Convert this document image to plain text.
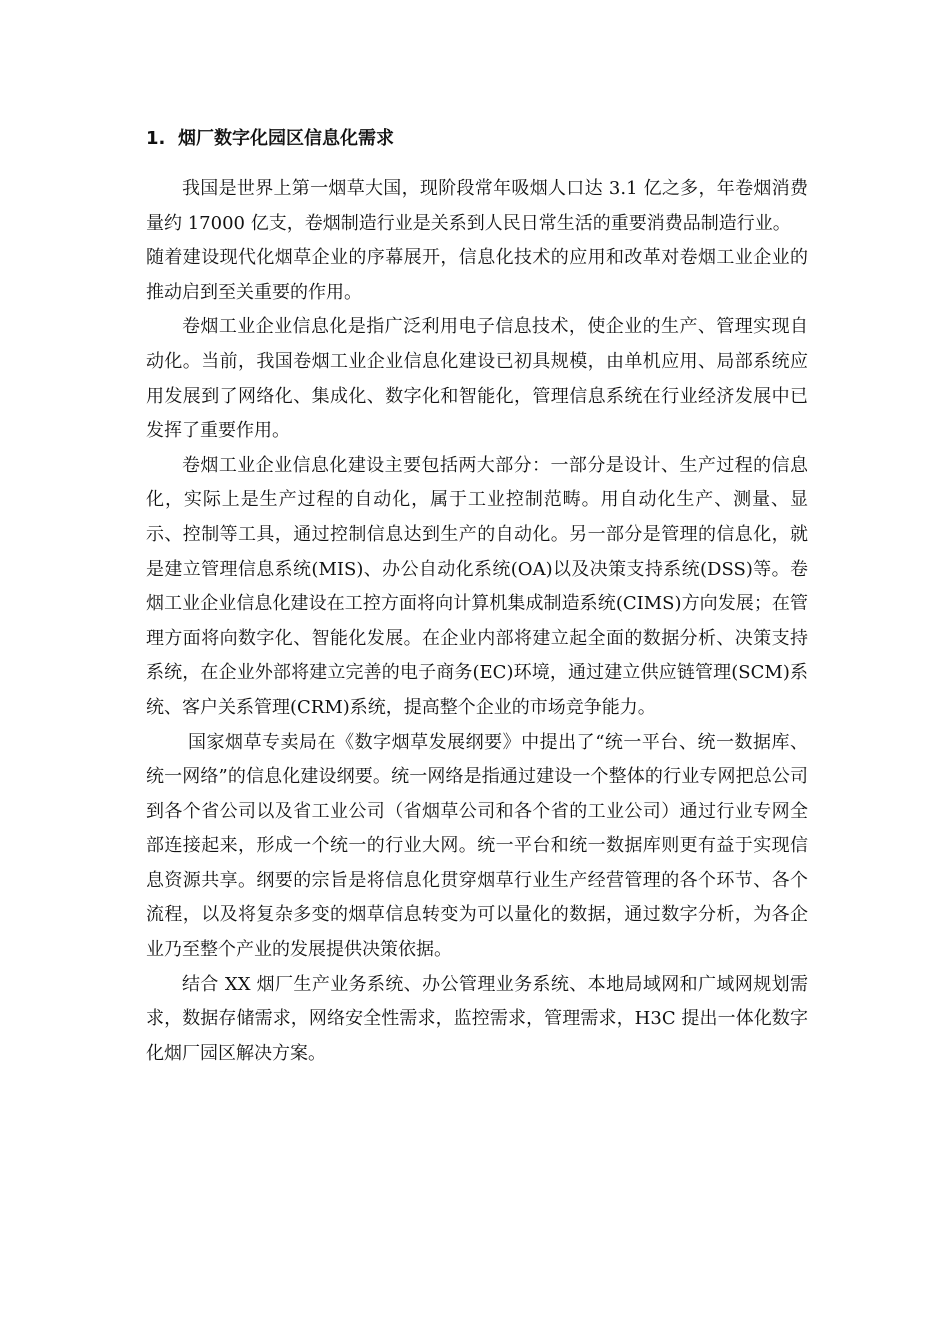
1. 烟厂数字化园区信息化需求

我国是世界上第一烟草大国，现阶段常年吸烟人口达 3.1 亿之多，年卷烟消费量约 17000 亿支，卷烟制造行业是关系到人民日常生活的重要消费品制造行业。

随着建设现代化烟草企业的序幕展开，信息化技术的应用和改革对卷烟工业企业的推动启到至关重要的作用。

卷烟工业企业信息化是指广泛利用电子信息技术，使企业的生产、管理实现自动化。当前，我国卷烟工业企业信息化建设已初具规模，由单机应用、局部系统应用发展到了网络化、集成化、数字化和智能化，管理信息系统在行业经济发展中已发挥了重要作用。

卷烟工业企业信息化建设主要包括两大部分：一部分是设计、生产过程的信息化，实际上是生产过程的自动化，属于工业控制范畴。用自动化生产、测量、显示、控制等工具，通过控制信息达到生产的自动化。另一部分是管理的信息化，就是建立管理信息系统(MIS)、办公自动化系统(OA)以及决策支持系统(DSS)等。卷烟工业企业信息化建设在工控方面将向计算机集成制造系统(CIMS)方向发展；在管理方面将向数字化、智能化发展。在企业内部将建立起全面的数据分析、决策支持系统，在企业外部将建立完善的电子商务(EC)环境，通过建立供应链管理(SCM)系统、客户关系管理(CRM)系统，提高整个企业的市场竞争能力。

国家烟草专卖局在《数字烟草发展纲要》中提出了“统一平台、统一数据库、统一网络”的信息化建设纲要。统一网络是指通过建设一个整体的行业专网把总公司到各个省公司以及省工业公司（省烟草公司和各个省的工业公司）通过行业专网全部连接起来，形成一个统一的行业大网。统一平台和统一数据库则更有益于实现信息资源共享。纲要的宗旨是将信息化贯穿烟草行业生产经营管理的各个环节、各个流程，以及将复杂多变的烟草信息转变为可以量化的数据，通过数字分析，为各企业乃至整个产业的发展提供决策依据。

结合 XX 烟厂生产业务系统、办公管理业务系统、本地局域网和广域网规划需求，数据存储需求，网络安全性需求，监控需求，管理需求，H3C 提出一体化数字化烟厂园区解决方案。
